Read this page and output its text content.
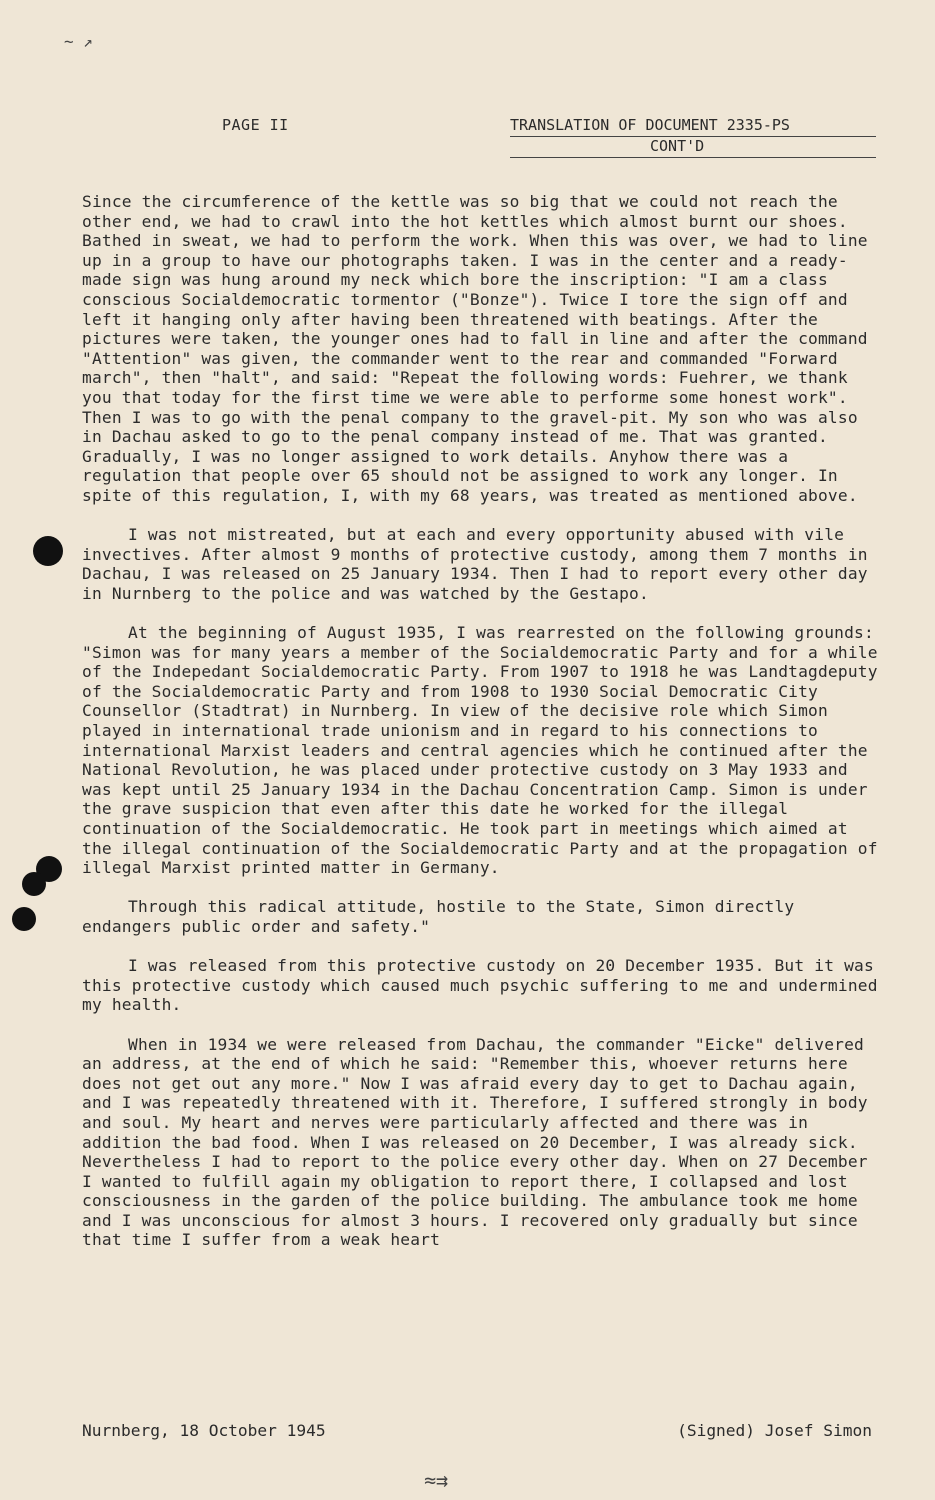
~ ↗
PAGE II	TRANSLATION OF DOCUMENT 2335-PS
CONT'D

Since the circumference of the kettle was so big that we could not reach the other end, we had to crawl into the hot kettles which almost burnt our shoes. Bathed in sweat, we had to perform the work. When this was over, we had to line up in a group to have our photographs taken. I was in the center and a ready-made sign was hung around my neck which bore the inscription: "I am a class conscious Socialdemocratic tormentor ("Bonze"). Twice I tore the sign off and left it hanging only after having been threatened with beatings. After the pictures were taken, the younger ones had to fall in line and after the command "Attention" was given, the commander went to the rear and commanded "Forward march", then "halt", and said: "Repeat the following words: Fuehrer, we thank you that today for the first time we were able to performe some honest work". Then I was to go with the penal company to the gravel-pit. My son who was also in Dachau asked to go to the penal company instead of me. That was granted. Gradually, I was no longer assigned to work details. Anyhow there was a regulation that people over 65 should not be assigned to work any longer. In spite of this regulation, I, with my 68 years, was treated as mentioned above.

I was not mistreated, but at each and every opportunity abused with vile invectives. After almost 9 months of protective custody, among them 7 months in Dachau, I was released on 25 January 1934. Then I had to report every other day in Nurnberg to the police and was watched by the Gestapo.

At the beginning of August 1935, I was rearrested on the following grounds: "Simon was for many years a member of the Socialdemocratic Party and for a while of the Indepedant Socialdemocratic Party. From 1907 to 1918 he was Landtagdeputy of the Socialdemocratic Party and from 1908 to 1930 Social Democratic City Counsellor (Stadtrat) in Nurnberg. In view of the decisive role which Simon played in international trade unionism and in regard to his connections to international Marxist leaders and central agencies which he continued after the National Revolution, he was placed under protective custody on 3 May 1933 and was kept until 25 January 1934 in the Dachau Concentration Camp. Simon is under the grave suspicion that even after this date he worked for the illegal continuation of the Socialdemocratic. He took part in meetings which aimed at the illegal continuation of the Socialdemocratic Party and at the propagation of illegal Marxist printed matter in Germany.

Through this radical attitude, hostile to the State, Simon directly endangers public order and safety."

I was released from this protective custody on 20 December 1935. But it was this protective custody which caused much psychic suffering to me and undermined my health.

When in 1934 we were released from Dachau, the commander "Eicke" delivered an address, at the end of which he said: "Remember this, whoever returns here does not get out any more." Now I was afraid every day to get to Dachau again, and I was repeatedly threatened with it. Therefore, I suffered strongly in body and soul. My heart and nerves were particularly affected and there was in addition the bad food. When I was released on 20 December, I was already sick. Nevertheless I had to report to the police every other day. When on 27 December I wanted to fulfill again my obligation to report there, I collapsed and lost consciousness in the garden of the police building. The ambulance took me home and I was unconscious for almost 3 hours. I recovered only gradually but since that time I suffer from a weak heart

Nurnberg, 18 October 1945	(Signed) Josef Simon
≈⇉
